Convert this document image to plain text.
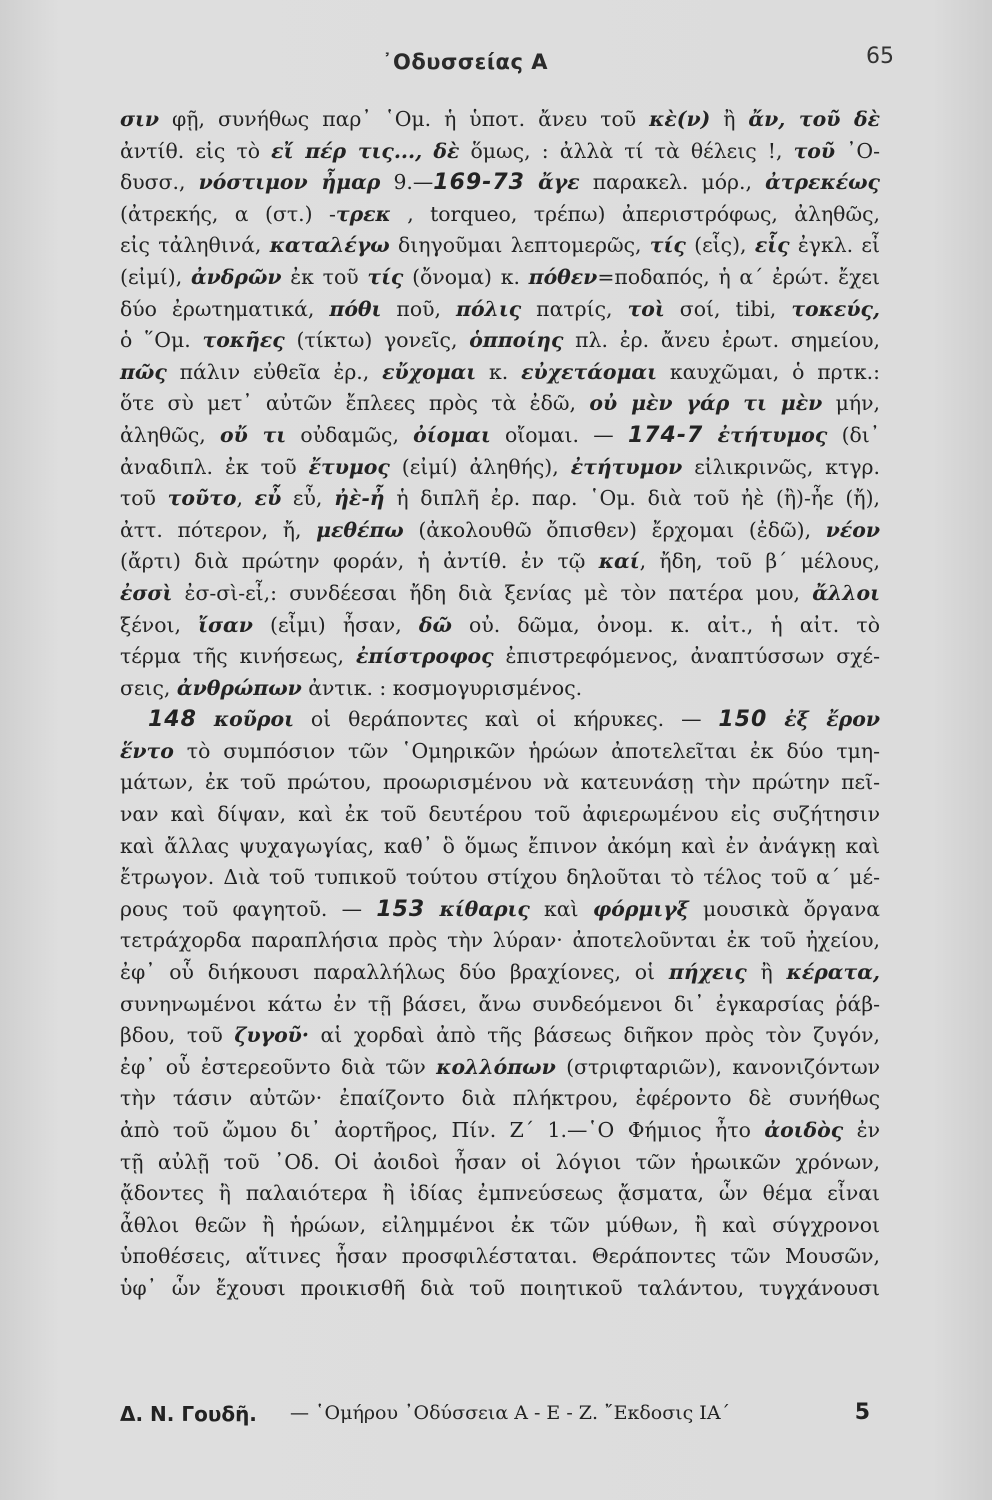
᾿Οδυσσείας Α	65
σιν φῇ, συνήθως παρ᾿ ῾Ομ. ἡ ὑποτ. ἄνευ τοῦ κὲ(ν) ἢ ἄν, τοῦ δὲ
ἀντίθ. εἰς τὸ εἴ πέρ τις..., δὲ ὅμως, : ἀλλὰ τί τὰ θέλεις !, τοῦ ᾿Ο-
δυσσ., νόστιμον ἦμαρ 9.—169-73 ἄγε παρακελ. μόρ., ἀτρεκέως
(ἀτρεκής, α (στ.) -τρεκ , torqueo, τρέπω) ἀπεριστρόφως, ἀληθῶς,
εἰς τἀληθινά, καταλέγω διηγοῦμαι λεπτομερῶς, τίς (εἷς), εἷς ἐγκλ. εἶ
(εἰμί), ἀνδρῶν ἐκ τοῦ τίς (ὄνομα) κ. πόθεν=ποδαπός, ἡ α΄ ἐρώτ. ἔχει
δύο ἐρωτηματικά, πόθι ποῦ, πόλις πατρίς, τοὶ σοί, tibi, τοκεύς,
ὁ ῞Ομ. τοκῆες (τίκτω) γονεῖς, ὁπποίης πλ. ἐρ. ἄνευ ἐρωτ. σημείου,
πῶς πάλιν εὐθεῖα ἐρ., εὔχομαι κ. εὐχετάομαι καυχῶμαι, ὁ πρτκ.:
ὅτε σὺ μετ᾿ αὐτῶν ἔπλεες πρὸς τὰ ἐδῶ, οὐ μὲν γάρ τι μὲν μήν,
ἀληθῶς, οὔ τι οὐδαμῶς, ὀίομαι οἴομαι. — 174-7 ἐτήτυμος (δι᾿
ἀναδιπλ. ἐκ τοῦ ἔτυμος (εἰμί) ἀληθής), ἐτήτυμον εἰλικρινῶς, κτγρ.
τοῦ τοῦτο, εὖ εὖ, ἠὲ-ἦ ἡ διπλῆ ἐρ. παρ. ῾Ομ. διὰ τοῦ ἠὲ (ἢ)-ἦε (ἤ),
ἀττ. πότερον, ἤ, μεθέπω (ἀκολουθῶ ὄπισθεν) ἔρχομαι (ἐδῶ), νέον
(ἄρτι) διὰ πρώτην φοράν, ἡ ἀντίθ. ἐν τῷ καί, ἤδη, τοῦ β΄ μέλους,
ἐσσὶ ἐσ-σὶ-εἶ,: συνδέεσαι ἤδη διὰ ξενίας μὲ τὸν πατέρα μου, ἄλλοι
ξένοι, ἴσαν (εἶμι) ἦσαν, δῶ οὐ. δῶμα, ὀνομ. κ. αἰτ., ἡ αἰτ. τὸ
τέρμα τῆς κινήσεως, ἐπίστροφος ἐπιστρεφόμενος, ἀναπτύσσων σχέ-
σεις, ἀνθρώπων ἀντικ. : κοσμογυρισμένος.
148 κοῦροι οἱ θεράποντες καὶ οἱ κήρυκες. — 150 ἐξ ἔρον
ἕντο τὸ συμπόσιον τῶν ῾Ομηρικῶν ἡρώων ἀποτελεῖται ἐκ δύο τμη-
μάτων, ἐκ τοῦ πρώτου, προωρισμένου νὰ κατευνάσῃ τὴν πρώτην πεῖ-
ναν καὶ δίψαν, καὶ ἐκ τοῦ δευτέρου τοῦ ἀφιερωμένου εἰς συζήτησιν
καὶ ἄλλας ψυχαγωγίας, καθ᾿ ὃ ὅμως ἔπινον ἀκόμη καὶ ἐν ἀνάγκῃ καὶ
ἔτρωγον. Διὰ τοῦ τυπικοῦ τούτου στίχου δηλοῦται τὸ τέλος τοῦ α΄ μέ-
ρους τοῦ φαγητοῦ. — 153 κίθαρις καὶ φόρμιγξ μουσικὰ ὄργανα
τετράχορδα παραπλήσια πρὸς τὴν λύραν· ἀποτελοῦνται ἐκ τοῦ ἠχείου,
ἐφ᾿ οὗ διήκουσι παραλλήλως δύο βραχίονες, οἱ πήχεις ἢ κέρατα,
συνηνωμένοι κάτω ἐν τῇ βάσει, ἄνω συνδεόμενοι δι᾿ ἐγκαρσίας ῥάβ-
βδου, τοῦ ζυγοῦ· αἱ χορδαὶ ἀπὸ τῆς βάσεως διῆκον πρὸς τὸν ζυγόν,
ἐφ᾿ οὗ ἐστερεοῦντο διὰ τῶν κολλόπων (στριφταριῶν), κανονιζόντων
τὴν τάσιν αὐτῶν· ἐπαίζοντο διὰ πλήκτρου, ἐφέροντο δὲ συνήθως
ἀπὸ τοῦ ὤμου δι᾿ ἀορτῆρος, Πίν. Ζ΄ 1.—῾Ο Φήμιος ἦτο ἀοιδὸς ἐν
τῇ αὐλῇ τοῦ ᾿Οδ. Οἱ ἀοιδοὶ ἦσαν οἱ λόγιοι τῶν ἡρωικῶν χρόνων,
ᾄδοντες ἢ παλαιότερα ἢ ἰδίας ἐμπνεύσεως ᾄσματα, ὧν θέμα εἶναι
ἆθλοι θεῶν ἢ ἡρώων, εἰλημμένοι ἐκ τῶν μύθων, ἢ καὶ σύγχρονοι
ὑποθέσεις, αἵτινες ἦσαν προσφιλέσταται. Θεράποντες τῶν Μουσῶν,
ὑφ᾿ ὧν ἔχουσι προικισθῆ διὰ τοῦ ποιητικοῦ ταλάντου, τυγχάνουσι
Δ. Ν. Γουδῆ. — ῾Ομήρου ᾿Οδύσσεια Α - Ε - Ζ. ῎Εκδοσις ΙΑ΄	5
